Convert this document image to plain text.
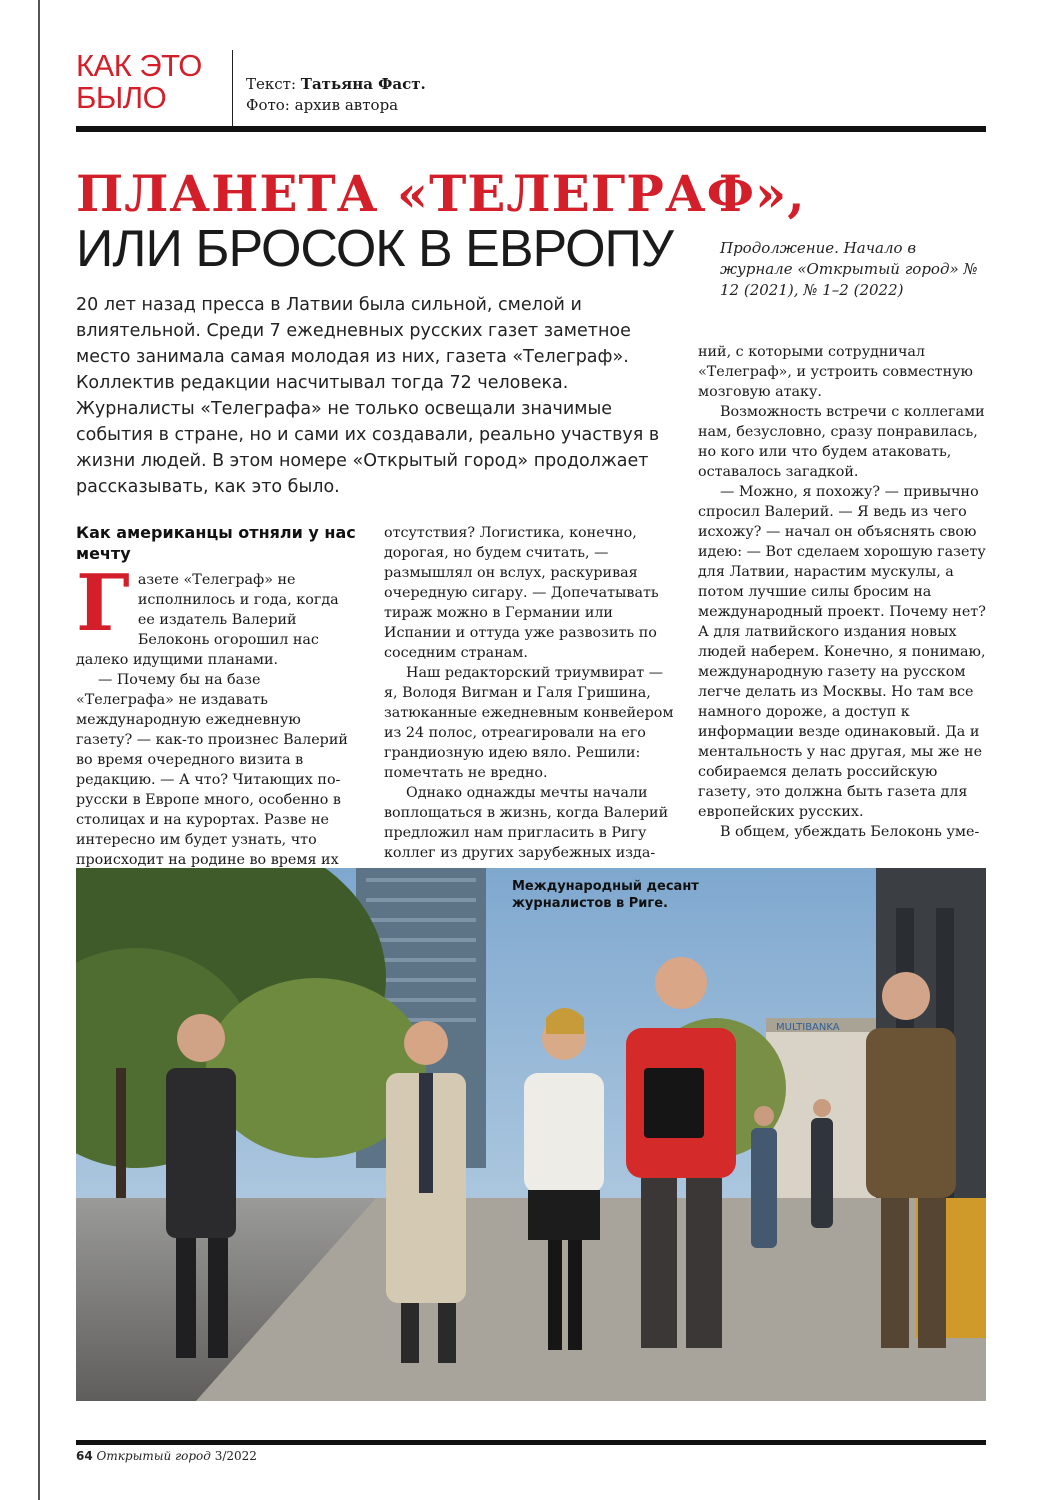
КАК ЭТО БЫЛО	Текст: Татьяна Фаст.
Фото: архив автора
ПЛАНЕТА «ТЕЛЕГРАФ»,
ИЛИ БРОСОК В ЕВРОПУ	Продолжение. Начало в журнале «Открытый город» № 12 (2021), № 1–2 (2022)
20 лет назад пресса в Латвии была сильной, смелой и влиятельной. Среди 7 ежедневных русских газет заметное место занимала самая молодая из них, газета «Телеграф». Коллектив редакции насчитывал тогда 72 человека. Журналисты «Телеграфа» не только освещали значимые события в стране, но и сами их создавали, реально участвуя в жизни людей. В этом номере «Открытый город» продолжает рассказывать, как это было.
Как американцы отняли у нас мечту

Газете «Телеграф» не исполнилось и года, когда ее издатель Валерий Белоконь огорошил нас далеко идущими планами.

— Почему бы на базе «Телеграфа» не издавать международную ежедневную газету? — как-то произнес Валерий во время очередного визита в редакцию. — А что? Читающих по-русски в Европе много, особенно в столицах и на курортах. Разве не интересно им будет узнать, что происходит на родине во время их

отсутствия? Логистика, конечно, дорогая, но будем считать, — размышлял он вслух, раскуривая очередную сигару. — Допечатывать тираж можно в Германии или Испании и оттуда уже развозить по соседним странам.

Наш редакторский триумвират — я, Володя Вигман и Галя Гришина, затюканные ежедневным конвейером из 24 полос, отреагировали на его грандиозную идею вяло. Решили: помечтать не вредно.

Однако однажды мечты начали воплощаться в жизнь, когда Валерий предложил нам пригласить в Ригу коллег из других зарубежных изда-

ний, с которыми сотрудничал «Телеграф», и устроить совместную мозговую атаку.

Возможность встречи с коллегами нам, безусловно, сразу понравилась, но кого или что будем атаковать, оставалось загадкой.

— Можно, я похожу? — привычно спросил Валерий. — Я ведь из чего исхожу? — начал он объяснять свою идею: — Вот сделаем хорошую газету для Латвии, нарастим мускулы, а потом лучшие силы бросим на международный проект. Почему нет? А для латвийского издания новых людей наберем. Конечно, я понимаю, международную газету на русском легче делать из Москвы. Но там все намного дороже, а доступ к информации везде одинаковый. Да и ментальность у нас другая, мы же не собираемся делать российскую газету, это должна быть газета для европейских русских.

В общем, убеждать Белоконь уме-

MULTIBANKA
Международный десант журналистов в Риге.
64 Открытый город 3/2022
